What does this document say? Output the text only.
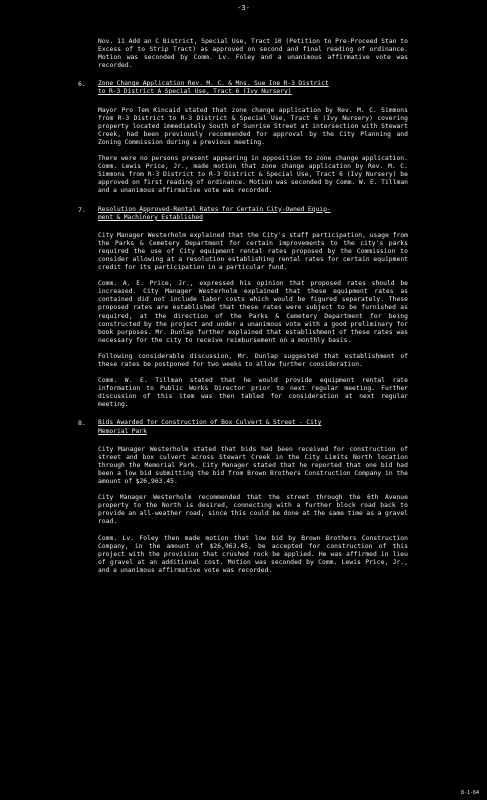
-3-
Nov. 11 Add an C Bistrict, Special Use, Tract 10 (Petition to Pre-Proceed Stan to Excess of to Strip Tract) as approved on second and final reading of ordinance. Motion was seconded by Comm. Lv. Foley and a unanimous affirmative vote was recorded.
6. Zone Change Application Rev. M. C. & Mns. Sue Ine R-3 District
to R-3 District A Special Use, Tract 6 (Ivy Nursery)
Mayor Pro Tem Kincaid stated that zone change application by Rev. M. C. Simmons from R-3 District to R-3 District & Special Use, Tract 6 (Ivy Nursery) covering property located immediately South of Sunrise Street at intersection with Stewart Creek, had been previously recommended for approval by the City Planning and Zoning Commission during a previous meeting.
There were no persons present appearing in opposition to zone change application. Comm. Lewis Price, Jr., made motion that zone change application by Rev. M. C. Simmons from R-3 District to R-3 District & Special Use, Tract 6 (Ivy Nursery) be approved on first reading of ordinance. Motion was seconded by Comm. W. E. Tillman and a unanimous affirmative vote was recorded.
7. Resolution Approved-Rental Rates for Certain City-Owned Equip-
ment & Machinery Established
City Manager Westerholm explained that the City's staff participation, usage from the Parks & Cemetery Department for certain improvements to the city's parks required the use of City equipment rental rates proposed by the Commission to consider allowing at a resolution establishing rental rates for certain equipment credit for its participation in a particular fund.
Comm. A. E. Price, Jr., expressed his opinion that proposed rates should be increased. City Manager Westerholm explained that these equipment rates as contained did not include labor costs which would be figured separately. These proposed rates are established that these rates were subject to be furnished as required, at the direction of the Parks & Cemetery Department for being constructed by the project and under a unanimous vote with a good preliminary for book purposes. Mr. Dunlap further explained that establishment of these rates was necessary for the city to receive reimbursement on a monthly basis.
Following considerable discussion, Mr. Dunlap suggested that establishment of these rates be postponed for two weeks to allow further consideration.
Comm. W. E. Tillman stated that he would provide equipment rental rate information to Public Works Director prior to next regular meeting. Further discussion of this item was then tabled for consideration at next regular meeting.
8. Bids Awarded for Construction of Box Culvert & Street - City
Memorial Park
City Manager Westerholm stated that bids had been received for construction of street and box culvert across Stewart Creek in the City Limits North location through the Memorial Park. City Manager stated that he reported that one bid had been a low bid submitting the bid from Brown Brothers Construction Company in the amount of $26,963.45.
City Manager Westerholm recommended that the street through the 6th Avenue property to the North is desired, connecting with a further block road back to provide an all-weather road, since this could be done at the same time as a gravel road.
Comm. Lv. Foley then made motion that low bid by Brown Brothers Construction Company, in the amount of $26,963.45, be accepted for construction of this project with the provision that crushed rock be applied. He was affirmed in lieu of gravel at an additional cost. Motion was seconded by Comm. Lewis Price, Jr., and a unanimous affirmative vote was recorded.
8-1-64
